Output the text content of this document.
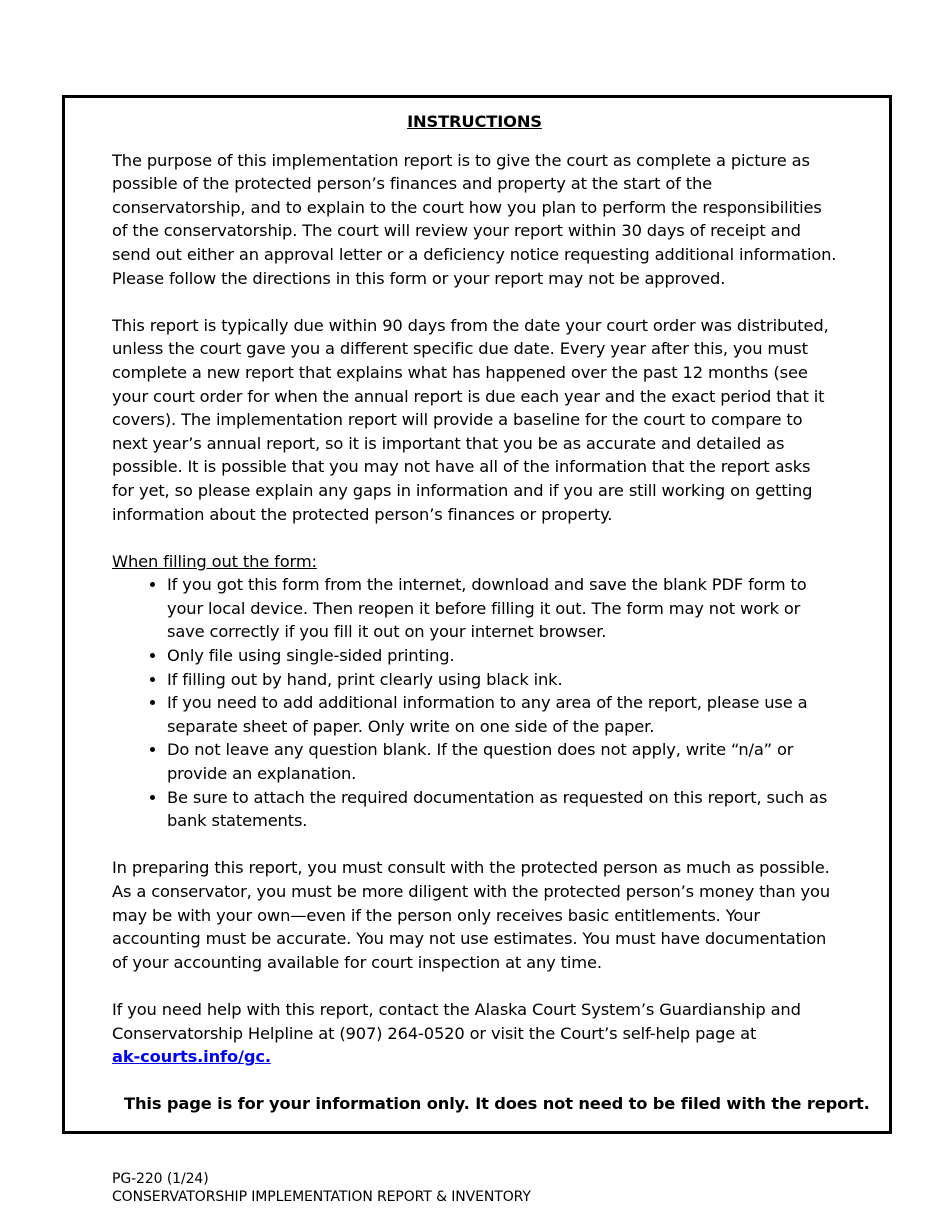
INSTRUCTIONS

The purpose of this implementation report is to give the court as complete a picture as possible of the protected person’s finances and property at the start of the conservatorship, and to explain to the court how you plan to perform the responsibilities of the conservatorship. The court will review your report within 30 days of receipt and send out either an approval letter or a deficiency notice requesting additional information. Please follow the directions in this form or your report may not be approved.

This report is typically due within 90 days from the date your court order was distributed, unless the court gave you a different specific due date. Every year after this, you must complete a new report that explains what has happened over the past 12 months (see your court order for when the annual report is due each year and the exact period that it covers). The implementation report will provide a baseline for the court to compare to next year’s annual report, so it is important that you be as accurate and detailed as possible. It is possible that you may not have all of the information that the report asks for yet, so please explain any gaps in information and if you are still working on getting information about the protected person’s finances or property.

When filling out the form:
• If you got this form from the internet, download and save the blank PDF form to your local device. Then reopen it before filling it out. The form may not work or save correctly if you fill it out on your internet browser.
• Only file using single-sided printing.
• If filling out by hand, print clearly using black ink.
• If you need to add additional information to any area of the report, please use a separate sheet of paper. Only write on one side of the paper.
• Do not leave any question blank. If the question does not apply, write “n/a” or provide an explanation.
• Be sure to attach the required documentation as requested on this report, such as bank statements.

In preparing this report, you must consult with the protected person as much as possible. As a conservator, you must be more diligent with the protected person’s money than you may be with your own—even if the person only receives basic entitlements. Your accounting must be accurate. You may not use estimates. You must have documentation of your accounting available for court inspection at any time.

If you need help with this report, contact the Alaska Court System’s Guardianship and Conservatorship Helpline at (907) 264-0520 or visit the Court’s self-help page at
ak-courts.info/gc.

This page is for your information only. It does not need to be filed with the report.
PG-220 (1/24)
CONSERVATORSHIP IMPLEMENTATION REPORT & INVENTORY
